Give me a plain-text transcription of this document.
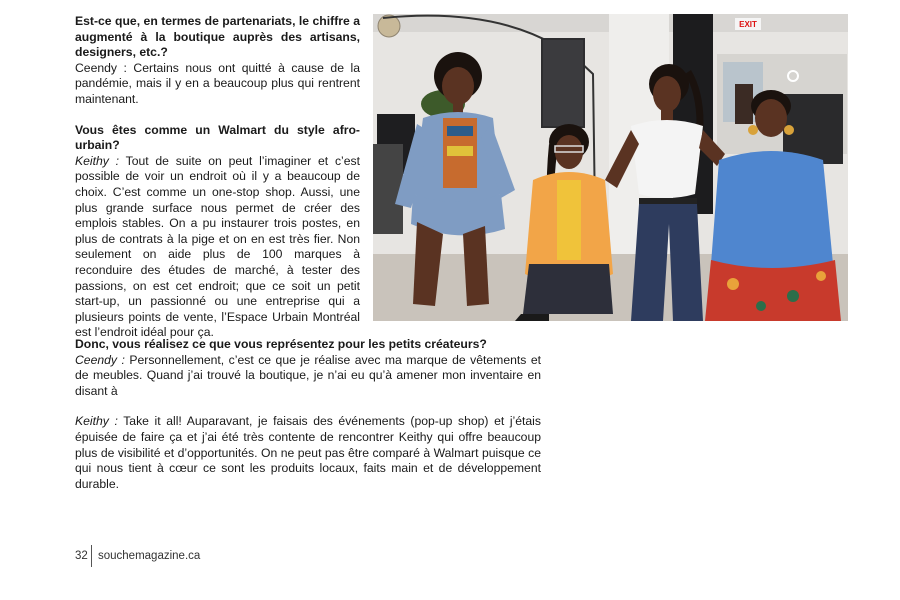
Est-ce que, en termes de partenariats, le chiffre a augmenté à la boutique auprès des artisans, designers, etc.?
Ceendy : Certains nous ont quitté à cause de la pandémie, mais il y en a beaucoup plus qui rentrent maintenant.
Vous êtes comme un Walmart du style afro-urbain?
Keithy : Tout de suite on peut l’imaginer et c’est possible de voir un endroit où il y a beaucoup de choix. C’est comme un one-stop shop. Aussi, une plus grande surface nous permet de créer des emplois stables. On a pu instaurer trois postes, en plus de contrats à la pige et on en est très fier. Non seulement on aide plus de 100 marques à reconduire des études de marché, à tester des passions, on est cet endroit; que ce soit un petit start-up, un passionné ou une entreprise qui a plusieurs points de vente, l’Espace Urbain Montréal est l’endroit idéal pour ça.
EXIT
Donc, vous réalisez ce que vous représentez pour les petits créateurs?
Ceendy : Personnellement, c’est ce que je réalise avec ma marque de vêtements et de meubles. Quand j’ai trouvé la boutique, je n’ai eu qu’à amener mon inventaire en disant à
Keithy : Take it all! Auparavant, je faisais des événements (pop-up shop) et j’étais épuisée de faire ça et j’ai été très contente de rencontrer Keithy qui offre beaucoup plus de visibilité et d’opportunités. On ne peut pas être comparé à Walmart puisque ce qui nous tient à cœur ce sont les produits locaux, faits main et de développement durable.
32 souchemagazine.ca
